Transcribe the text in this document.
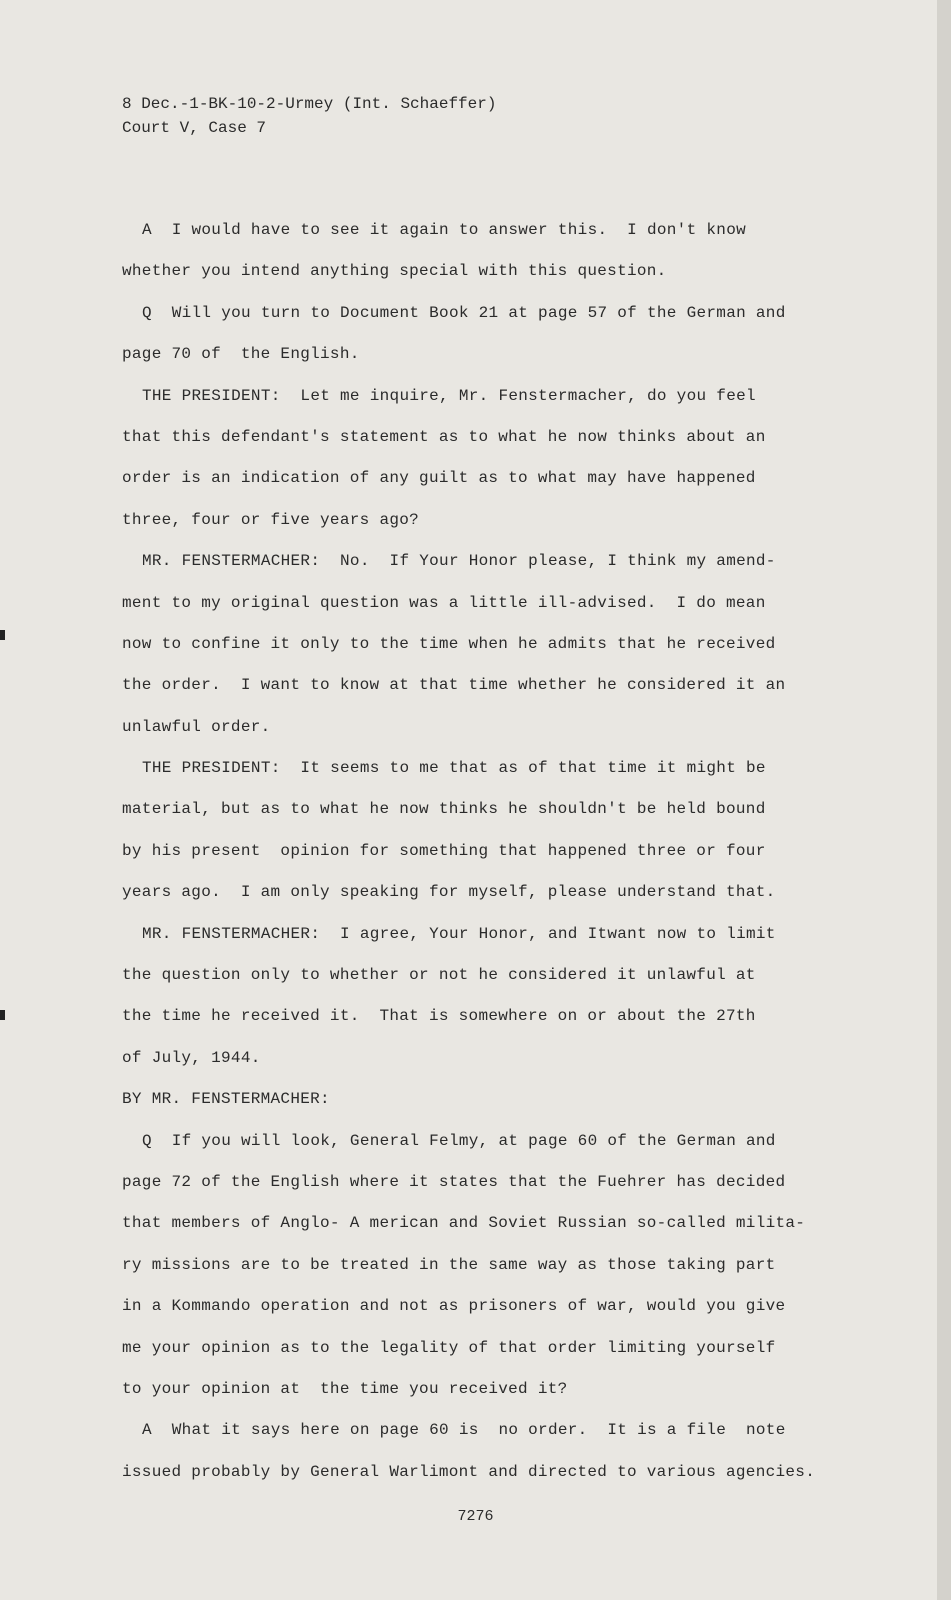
8 Dec.-1-BK-10-2-Urmey (Int. Schaeffer)
Court V, Case 7
A  I would have to see it again to answer this.  I don't know
whether you intend anything special with this question.
Q  Will you turn to Document Book 21 at page 57 of the German and
page 70 of  the English.
THE PRESIDENT:  Let me inquire, Mr. Fenstermacher, do you feel
that this defendant's statement as to what he now thinks about an
order is an indication of any guilt as to what may have happened
three, four or five years ago?
MR. FENSTERMACHER:  No.  If Your Honor please, I think my amend-
ment to my original question was a little ill-advised.  I do mean
now to confine it only to the time when he admits that he received
the order.  I want to know at that time whether he considered it an
unlawful order.
THE PRESIDENT:  It seems to me that as of that time it might be
material, but as to what he now thinks he shouldn't be held bound
by his present  opinion for something that happened three or four
years ago.  I am only speaking for myself, please understand that.
MR. FENSTERMACHER:  I agree, Your Honor, and Itwant now to limit
the question only to whether or not he considered it unlawful at
the time he received it.  That is somewhere on or about the 27th
of July, 1944.
BY MR. FENSTERMACHER:
Q  If you will look, General Felmy, at page 60 of the German and
page 72 of the English where it states that the Fuehrer has decided
that members of Anglo- A merican and Soviet Russian so-called milita-
ry missions are to be treated in the same way as those taking part
in a Kommando operation and not as prisoners of war, would you give
me your opinion as to the legality of that order limiting yourself
to your opinion at  the time you received it?
A  What it says here on page 60 is  no order.  It is a file  note
issued probably by General Warlimont and directed to various agencies.
7276
